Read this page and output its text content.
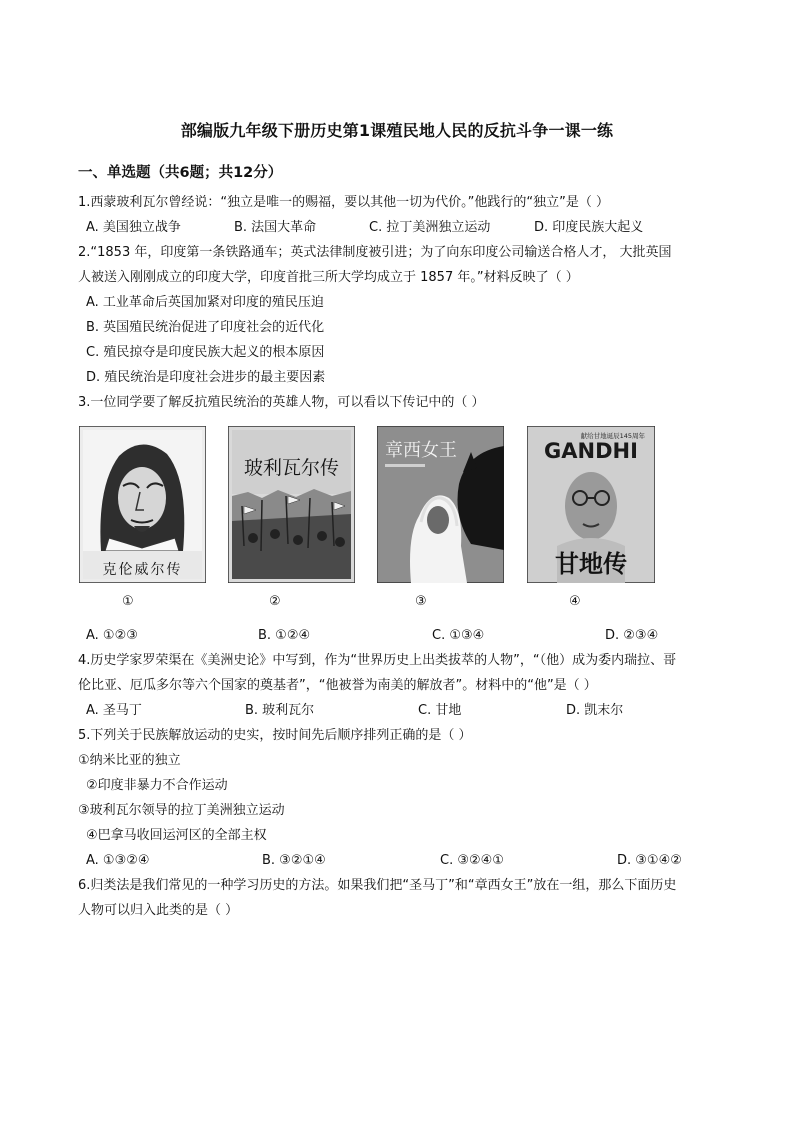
部编版九年级下册历史第1课殖民地人民的反抗斗争一课一练
一、单选题（共6题；共12分）
1.西蒙玻利瓦尔曾经说：“独立是唯一的赐福，要以其他一切为代价。”他践行的“独立”是（ ）
A. 美国独立战争	B. 法国大革命	C. 拉丁美洲独立运动	D. 印度民族大起义
2.“1853 年，印度第一条铁路通车；英式法律制度被引进；为了向东印度公司输送合格人才， 大批英国
人被送入刚刚成立的印度大学，印度首批三所大学均成立于 1857 年。”材料反映了（ ）
A. 工业革命后英国加紧对印度的殖民压迫
B. 英国殖民统治促进了印度社会的近代化
C. 殖民掠夺是印度民族大起义的根本原因
D. 殖民统治是印度社会进步的最主要因素
3.一位同学要了解反抗殖民统治的英雄人物，可以看以下传记中的（ ）
克伦威尔传
玻利瓦尔传
章西女王
献给甘地诞辰145周年
GANDHI
甘地传
①	②	③	④
A. ①②③	B. ①②④	C. ①③④	D. ②③④
4.历史学家罗荣渠在《美洲史论》中写到，作为“世界历史上出类拔萃的人物”，“（他）成为委内瑞拉、哥
伦比亚、厄瓜多尔等六个国家的奠基者”，“他被誉为南美的解放者”。材料中的“他”是（ ）
A. 圣马丁	B. 玻利瓦尔	C. 甘地	D. 凯末尔
5.下列关于民族解放运动的史实，按时间先后顺序排列正确的是（ ）
①纳米比亚的独立
②印度非暴力不合作运动
③玻利瓦尔领导的拉丁美洲独立运动
④巴拿马收回运河区的全部主权
A. ①③②④	B. ③②①④	C. ③②④①	D. ③①④②
6.归类法是我们常见的一种学习历史的方法。如果我们把“圣马丁”和“章西女王”放在一组，那么下面历史
人物可以归入此类的是（ ）
